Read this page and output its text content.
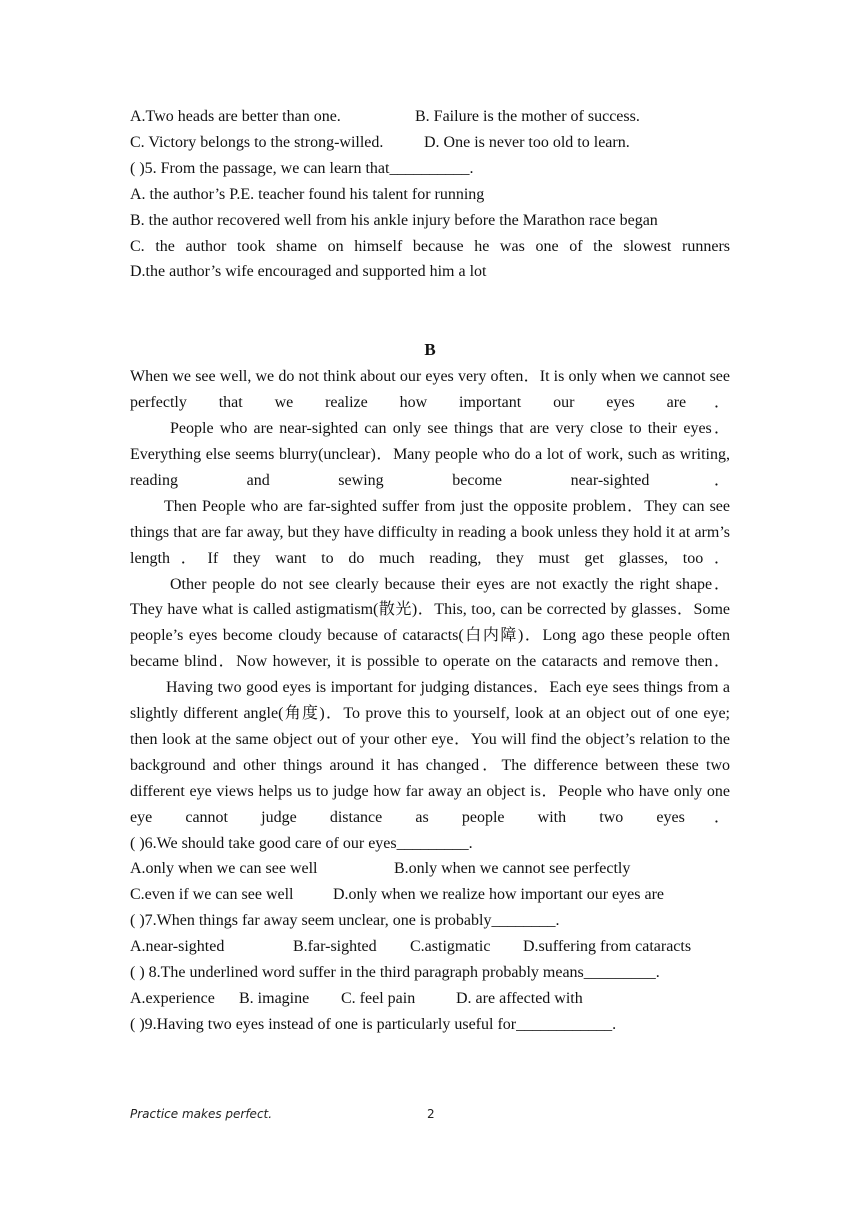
A.Two heads are better than one.	B. Failure is the mother of success.
C. Victory belongs to the strong-willed.	D. One is never too old to learn.
( )5. From the passage, we can learn that__________.
A. the author’s P.E. teacher found his talent for running
B. the author recovered well from his ankle injury before the Marathon race began
C. the author took shame on himself because he was one of the slowest runners
D.the author’s wife encouraged and supported him a lot
B
When we see well, we do not think about our eyes very often．It is only when we cannot see perfectly that we realize how important our eyes are．
People who are near-sighted can only see things that are very close to their eyes．Everything else seems blurry(unclear)．Many people who do a lot of work, such as writing, reading and sewing become near-sighted．
Then People who are far-sighted suffer from just the opposite problem．They can see things that are far away, but they have difficulty in reading a book unless they hold it at arm’s length．If they want to do much reading, they must get glasses, too．
Other people do not see clearly because their eyes are not exactly the right shape．They have what is called astigmatism(散光)．This, too, can be corrected by glasses．Some people’s eyes become cloudy because of cataracts(白内障)．Long ago these people often became blind．Now however, it is possible to operate on the cataracts and remove then．
Having two good eyes is important for judging distances．Each eye sees things from a slightly different angle(角度)．To prove this to yourself, look at an object out of one eye; then look at the same object out of your other eye．You will find the object’s relation to the background and other things around it has changed．The difference between these two different eye views helps us to judge how far away an object is．People who have only one eye cannot judge distance as people with two eyes．
( )6.We should take good care of our eyes_________.
A.only when we can see well	B.only when we cannot see perfectly
C.even if we can see well D.only when we realize how important our eyes are
( )7.When things far away seem unclear, one is probably________.
A.near-sighted	B.far-sighted C.astigmatic D.suffering from cataracts
( ) 8.The underlined word suffer in the third paragraph probably means_________.
A.experience B. imagine C. feel pain	D. are affected with
( )9.Having two eyes instead of one is particularly useful for____________.
Practice makes perfect.	2
